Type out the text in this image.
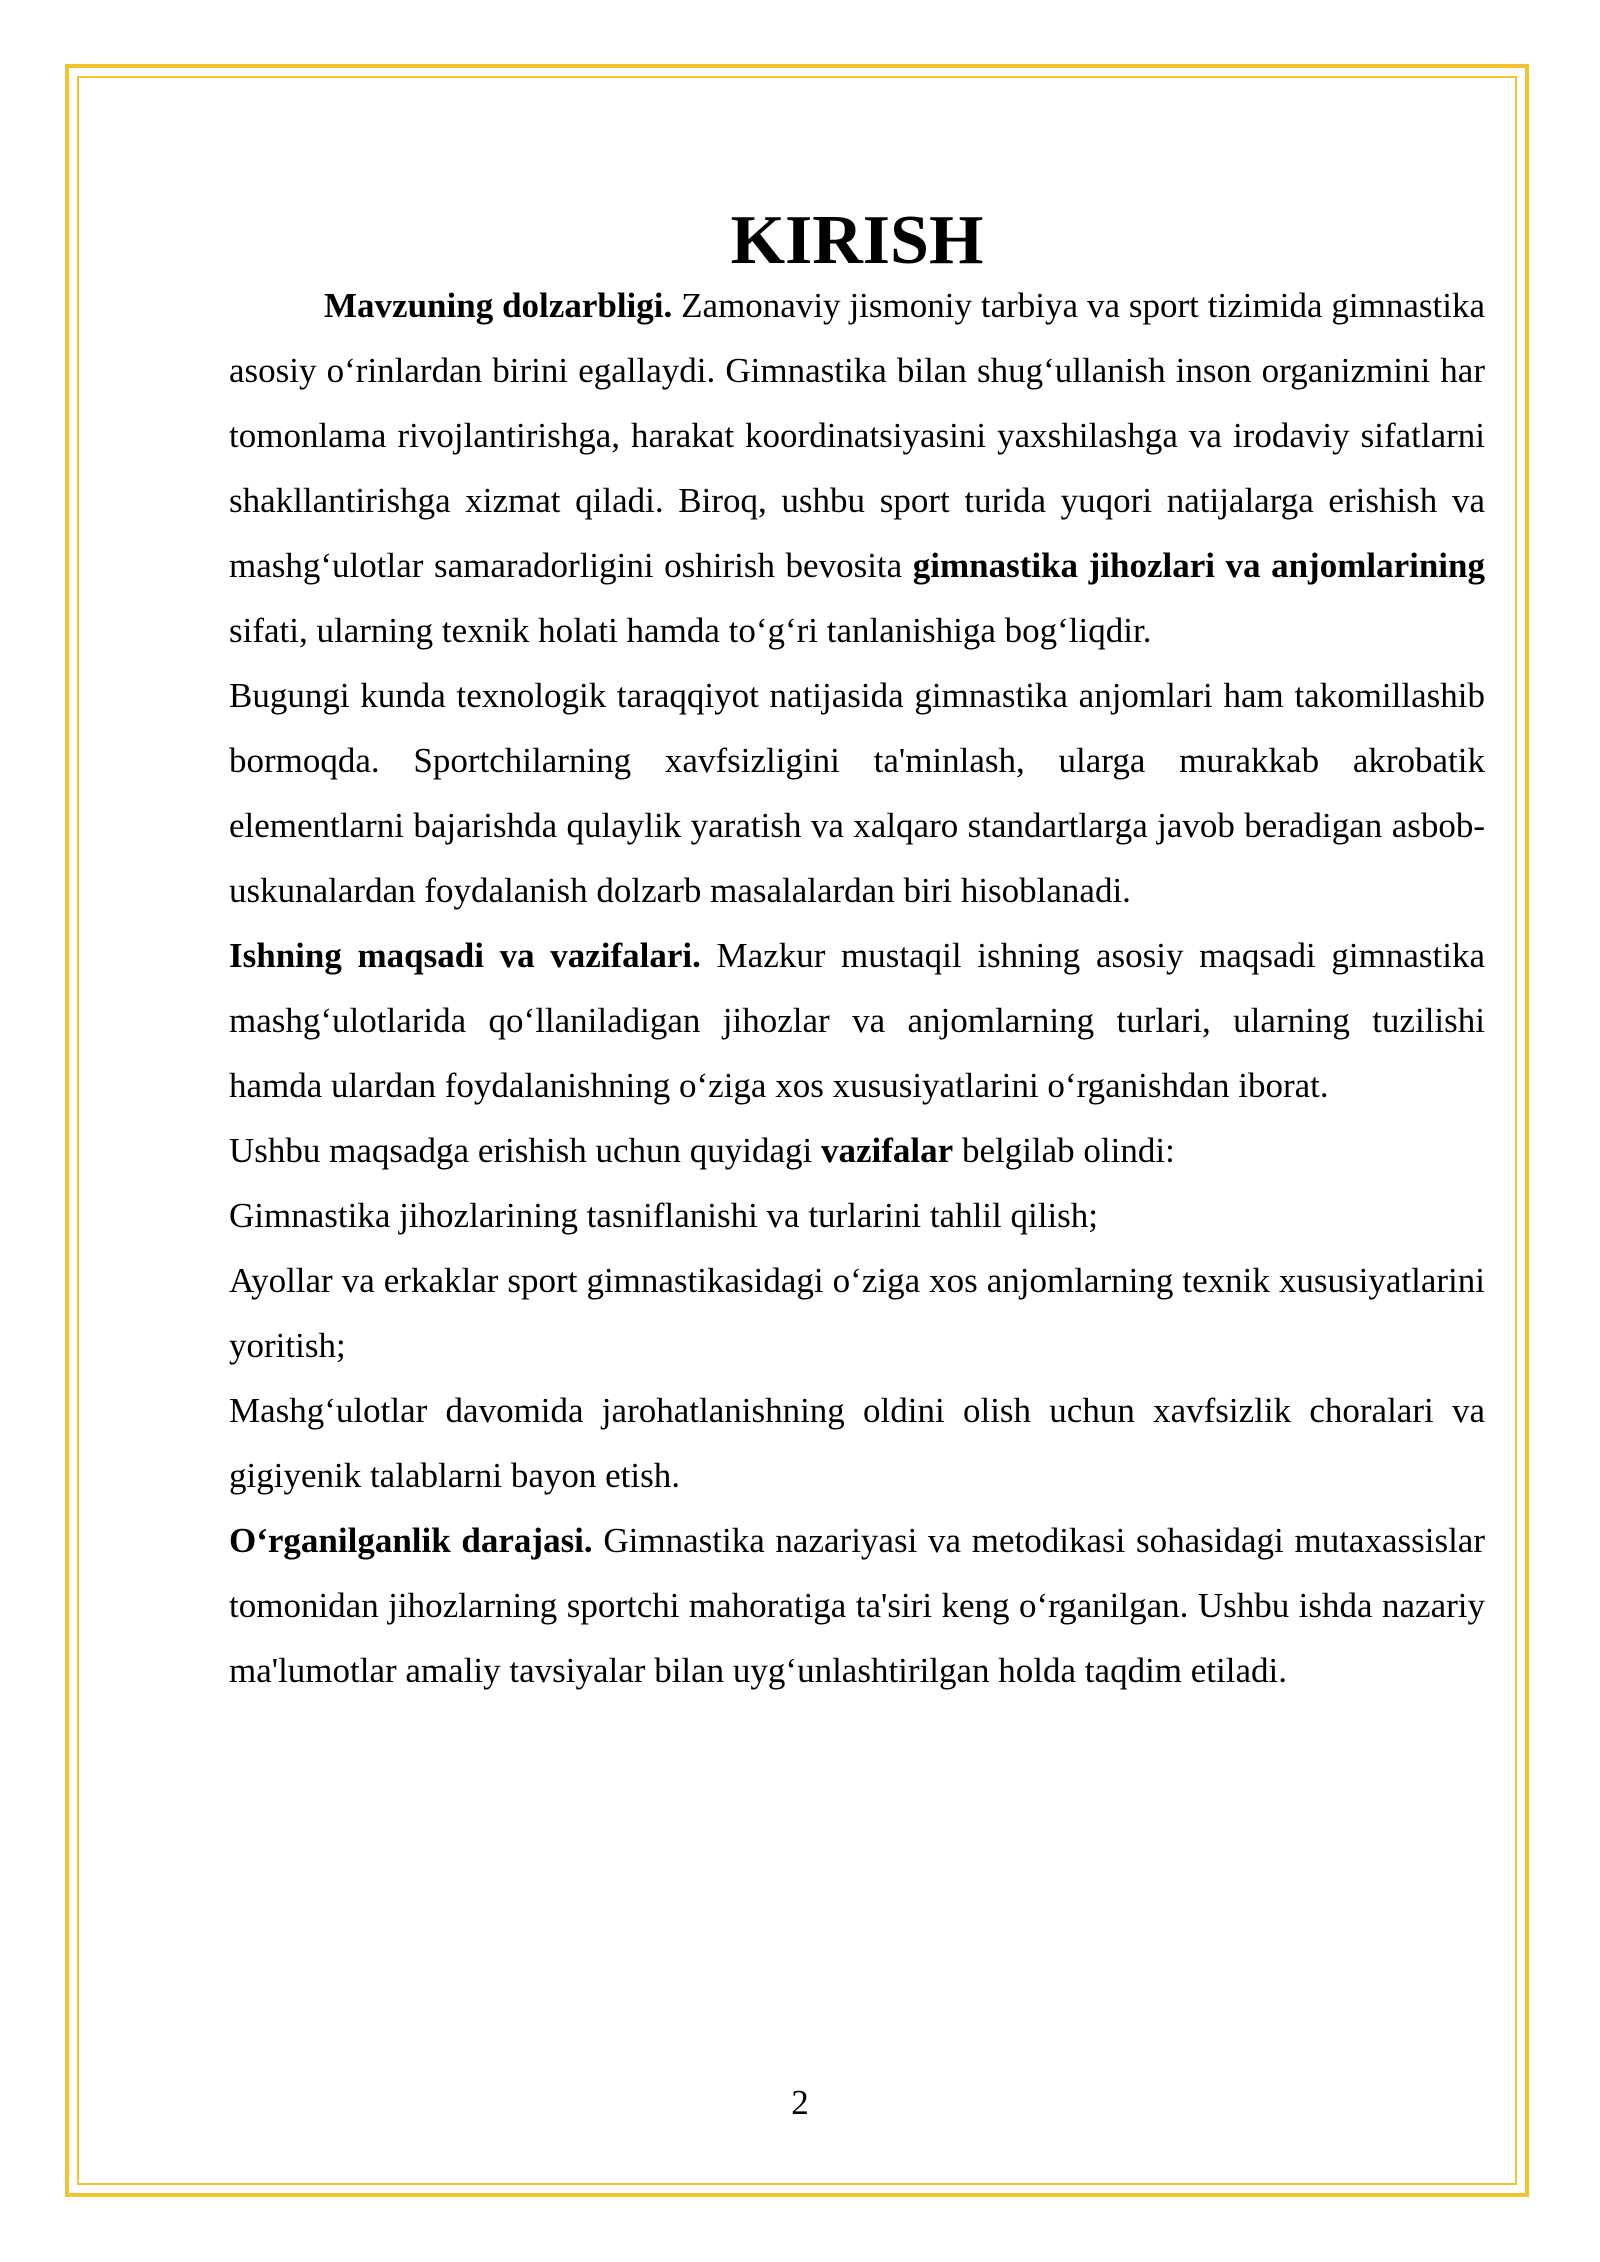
KIRISH

Mavzuning dolzarbligi. Zamonaviy jismoniy tarbiya va sport tizimida gimnastika asosiy o‘rinlardan birini egallaydi. Gimnastika bilan shug‘ullanish inson organizmini har tomonlama rivojlantirishga, harakat koordinatsiyasini yaxshilashga va irodaviy sifatlarni shakllantirishga xizmat qiladi. Biroq, ushbu sport turida yuqori natijalarga erishish va mashg‘ulotlar samaradorligini oshirish bevosita gimnastika jihozlari va anjomlarining sifati, ularning texnik holati hamda to‘g‘ri tanlanishiga bog‘liqdir.

Bugungi kunda texnologik taraqqiyot natijasida gimnastika anjomlari ham takomillashib bormoqda. Sportchilarning xavfsizligini ta'minlash, ularga murakkab akrobatik elementlarni bajarishda qulaylik yaratish va xalqaro standartlarga javob beradigan asbob-uskunalardan foydalanish dolzarb masalalardan biri hisoblanadi.

Ishning maqsadi va vazifalari. Mazkur mustaqil ishning asosiy maqsadi gimnastika mashg‘ulotlarida qo‘llaniladigan jihozlar va anjomlarning turlari, ularning tuzilishi hamda ulardan foydalanishning o‘ziga xos xususiyatlarini o‘rganishdan iborat.

Ushbu maqsadga erishish uchun quyidagi vazifalar belgilab olindi:

Gimnastika jihozlarining tasniflanishi va turlarini tahlil qilish;

Ayollar va erkaklar sport gimnastikasidagi o‘ziga xos anjomlarning texnik xususiyatlarini yoritish;

Mashg‘ulotlar davomida jarohatlanishning oldini olish uchun xavfsizlik choralari va gigiyenik talablarni bayon etish.

O‘rganilganlik darajasi. Gimnastika nazariyasi va metodikasi sohasidagi mutaxassislar tomonidan jihozlarning sportchi mahoratiga ta'siri keng o‘rganilgan. Ushbu ishda nazariy ma'lumotlar amaliy tavsiyalar bilan uyg‘unlashtirilgan holda taqdim etiladi.

2
